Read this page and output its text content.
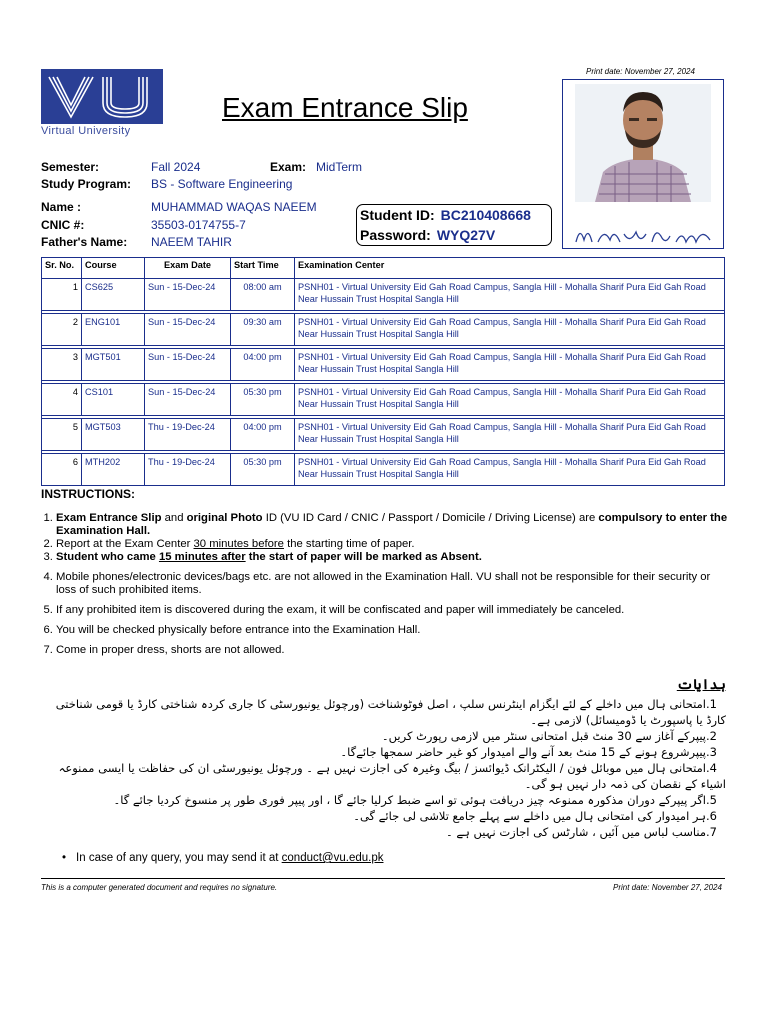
Virtual University
Exam Entrance Slip
Print date: November 27, 2024
Semester:	Fall 2024	Exam: MidTerm
Study Program: BS - Software Engineering
Name :	MUHAMMAD WAQAS NAEEM
CNIC #:	35503-0174755-7
Father's Name: NAEEM TAHIR
Student ID: BC210408668
Password: WYQ27V
Sr. No.	Course	Exam Date	Start Time	Examination Center
1	CS625	Sun - 15-Dec-24	08:00 am	PSNH01 - Virtual University Eid Gah Road Campus, Sangla Hill - Mohalla Sharif Pura Eid Gah Road Near Hussain Trust Hospital Sangla Hill

2	ENG101	Sun - 15-Dec-24	09:30 am	PSNH01 - Virtual University Eid Gah Road Campus, Sangla Hill - Mohalla Sharif Pura Eid Gah Road Near Hussain Trust Hospital Sangla Hill

3	MGT501	Sun - 15-Dec-24	04:00 pm	PSNH01 - Virtual University Eid Gah Road Campus, Sangla Hill - Mohalla Sharif Pura Eid Gah Road Near Hussain Trust Hospital Sangla Hill

4	CS101	Sun - 15-Dec-24	05:30 pm	PSNH01 - Virtual University Eid Gah Road Campus, Sangla Hill - Mohalla Sharif Pura Eid Gah Road Near Hussain Trust Hospital Sangla Hill

5	MGT503	Thu - 19-Dec-24	04:00 pm	PSNH01 - Virtual University Eid Gah Road Campus, Sangla Hill - Mohalla Sharif Pura Eid Gah Road Near Hussain Trust Hospital Sangla Hill

6	MTH202	Thu - 19-Dec-24	05:30 pm	PSNH01 - Virtual University Eid Gah Road Campus, Sangla Hill - Mohalla Sharif Pura Eid Gah Road Near Hussain Trust Hospital Sangla Hill
INSTRUCTIONS:
1. Exam Entrance Slip and original Photo ID (VU ID Card / CNIC / Passport / Domicile / Driving License) are compulsory to enter the Examination Hall.
2. Report at the Exam Center 30 minutes before the starting time of paper.
3. Student who came 15 minutes after the start of paper will be marked as Absent.
4. Mobile phones/electronic devices/bags etc. are not allowed in the Examination Hall. VU shall not be responsible for their security or loss of such prohibited items.
5. If any prohibited item is discovered during the exam, it will be confiscated and paper will immediately be canceled.
6. You will be checked physically before entrance into the Examination Hall.
7. Come in proper dress, shorts are not allowed.
ہدایات
.1امتحانی ہال میں داخلے کے لئے ایگزام اینٹرنس سلپ ، اصل فوٹوشناخت (ورچوئل یونیورسٹی کا جاری کردہ شناختی کارڈ یا قومی شناختی کارڈ یا پاسپورٹ یا ڈومیسائل) لازمی ہے۔
.2پیپرکے آغاز سے 30 منٹ قبل امتحانی سنٹر میں لازمی رپورٹ کریں۔
.3پیپرشروع ہونے کے 15 منٹ بعد آنے والے امیدوار کو غیر حاضر سمجھا جائےگا۔
.4امتحانی ہال میں موبائل فون / الیکٹرانک ڈیوائسز / بیگ وغیرہ کی اجازت نہیں ہے ۔ ورچوئل یونیورسٹی ان کی حفاظت یا ایسی ممنوعہ اشیاء کے نقصان کی ذمہ دار نہیں ہو گی۔
.5اگر پیپرکے دوران مذکورہ ممنوعہ چیز دریافت ہوئی تو اسے ضبط کرلیا جائے گا ، اور پیپر فوری طور پر منسوخ کردیا جائے گا۔
.6ہر امیدوار کی امتحانی ہال میں داخلے سے پہلے جامع تلاشی لی جائے گی۔
.7مناسب لباس میں آئیں ، شارٹس کی اجازت نہیں ہے ۔
• In case of any query, you may send it at conduct@vu.edu.pk
This is a computer generated document and requires no signature.	Print date: November 27, 2024
